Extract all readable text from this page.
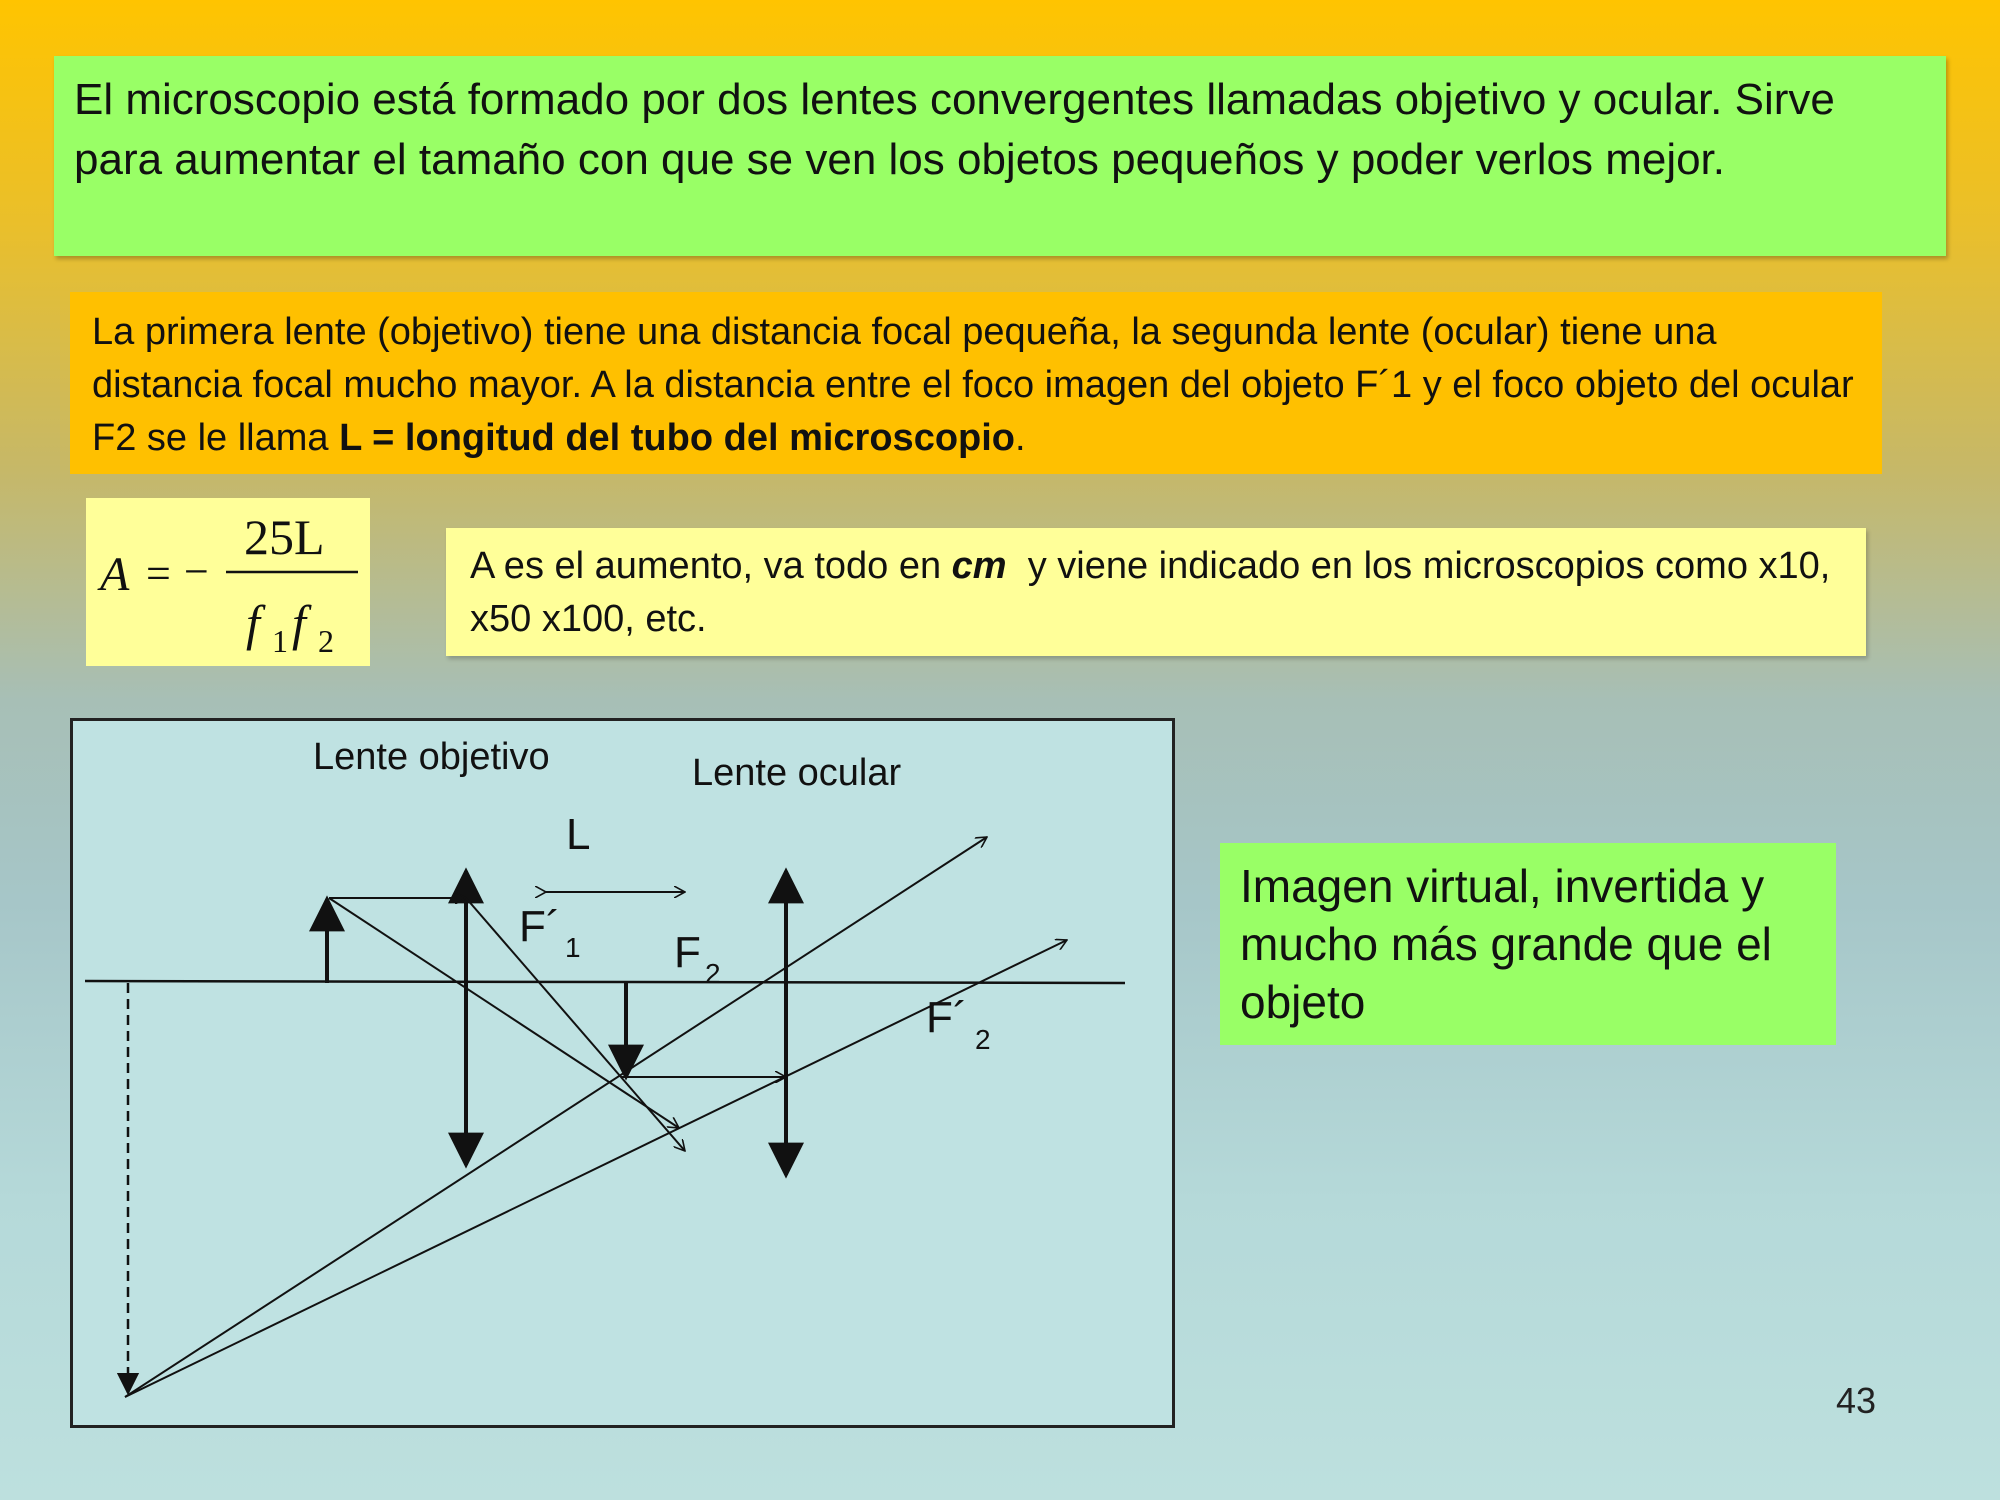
El microscopio está formado por dos lentes convergentes llamadas objetivo y ocular. Sirve para aumentar el tamaño con que se ven los objetos pequeños y poder verlos mejor.
La primera lente (objetivo) tiene una distancia focal pequeña, la segunda lente (ocular) tiene una distancia focal mucho mayor. A la distancia entre el foco imagen del objeto F´1 y el foco objeto del ocular F2 se le llama L = longitud del tubo del microscopio.
A = −
25L
f 1 f 2
A es el aumento, va todo en cm  y viene indicado en los microscopios como x10, x50 x100, etc.
Lente objetivo	Lente ocular
L
F´ 1 F 2
F´ 2
Imagen virtual, invertida y mucho más grande que el objeto
43
